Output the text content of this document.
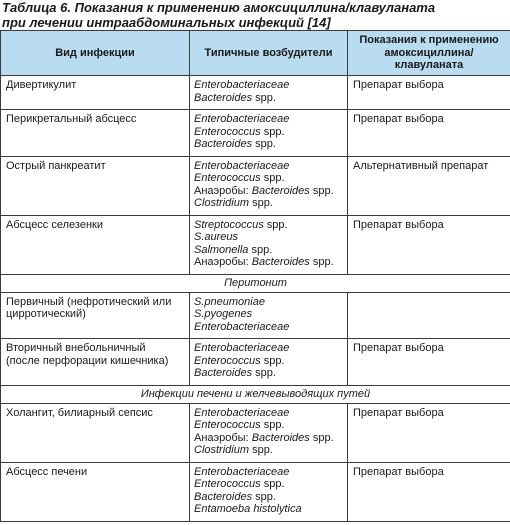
Таблица 6. Показания к применению амоксициллина/клавуланата
при лечении интраабдоминальных инфекций [14]
Вид инфекции	Типичные возбудители	Показания к применению
амоксициллина/
клавуланата

Дивертикулит	Enterobacteriaceae
Bacteroides spp.	Препарат выбора

Перикретальный абсцесс	Enterobacteriaceae
Enterococcus spp.
Bacteroides spp.	Препарат выбора

Острый панкреатит	Enterobacteriaceae
Enterococcus spp.
Анаэробы: Bacteroides spp.
Clostridium spp.	Альтернативный препарат

Абсцесс селезенки	Streptococcus spp.
S.aureus
Salmonella spp.
Анаэробы: Bacteroides spp.	Препарат выбора
Перитонит		

Первичный (нефротический или
цирротический)	S.pneumoniae
S.pyogenes
Enterobacteriaceae	

Вторичный внебольничный
(после перфорации кишечника)	Enterobacteriaceae
Enterococcus spp.
Bacteroides spp.	Препарат выбора
Инфекции печени и желчевыводящих путей		

Холангит, билиарный сепсис	Enterobacteriaceae
Enterococcus spp.
Анаэробы: Bacteroides spp.
Clostridium spp.	Препарат выбора

Абсцесс печени	Enterobacteriaceae
Enterococcus spp.
Bacteroides spp.
Entamoeba histolytica	Препарат выбора
